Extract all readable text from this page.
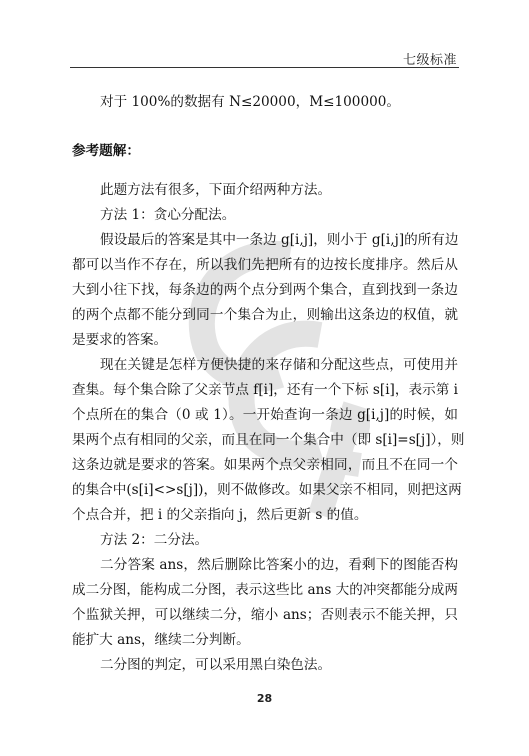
七级标准
对于 100%的数据有 N≤20000，M≤100000。
参考题解：
此题方法有很多，下面介绍两种方法。
方法 1：贪心分配法。
假设最后的答案是其中一条边 g[i,j]，则小于 g[i,j]的所有边
都可以当作不存在，所以我们先把所有的边按长度排序。然后从
大到小往下找，每条边的两个点分到两个集合，直到找到一条边
的两个点都不能分到同一个集合为止，则输出这条边的权值，就
是要求的答案。
现在关键是怎样方便快捷的来存储和分配这些点，可使用并
查集。每个集合除了父亲节点 f[i]，还有一个下标 s[i]，表示第 i
个点所在的集合（0 或 1）。一开始查询一条边 g[i,j]的时候，如
果两个点有相同的父亲，而且在同一个集合中（即 s[i]=s[j]），则
这条边就是要求的答案。如果两个点父亲相同，而且不在同一个
的集合中(s[i]<>s[j])，则不做修改。如果父亲不相同，则把这两
个点合并，把 i 的父亲指向 j，然后更新 s 的值。
方法 2：二分法。
二分答案 ans，然后删除比答案小的边，看剩下的图能否构
成二分图，能构成二分图，表示这些比 ans 大的冲突都能分成两
个监狱关押，可以继续二分，缩小 ans；否则表示不能关押，只
能扩大 ans，继续二分判断。
二分图的判定，可以采用黑白染色法。
28
